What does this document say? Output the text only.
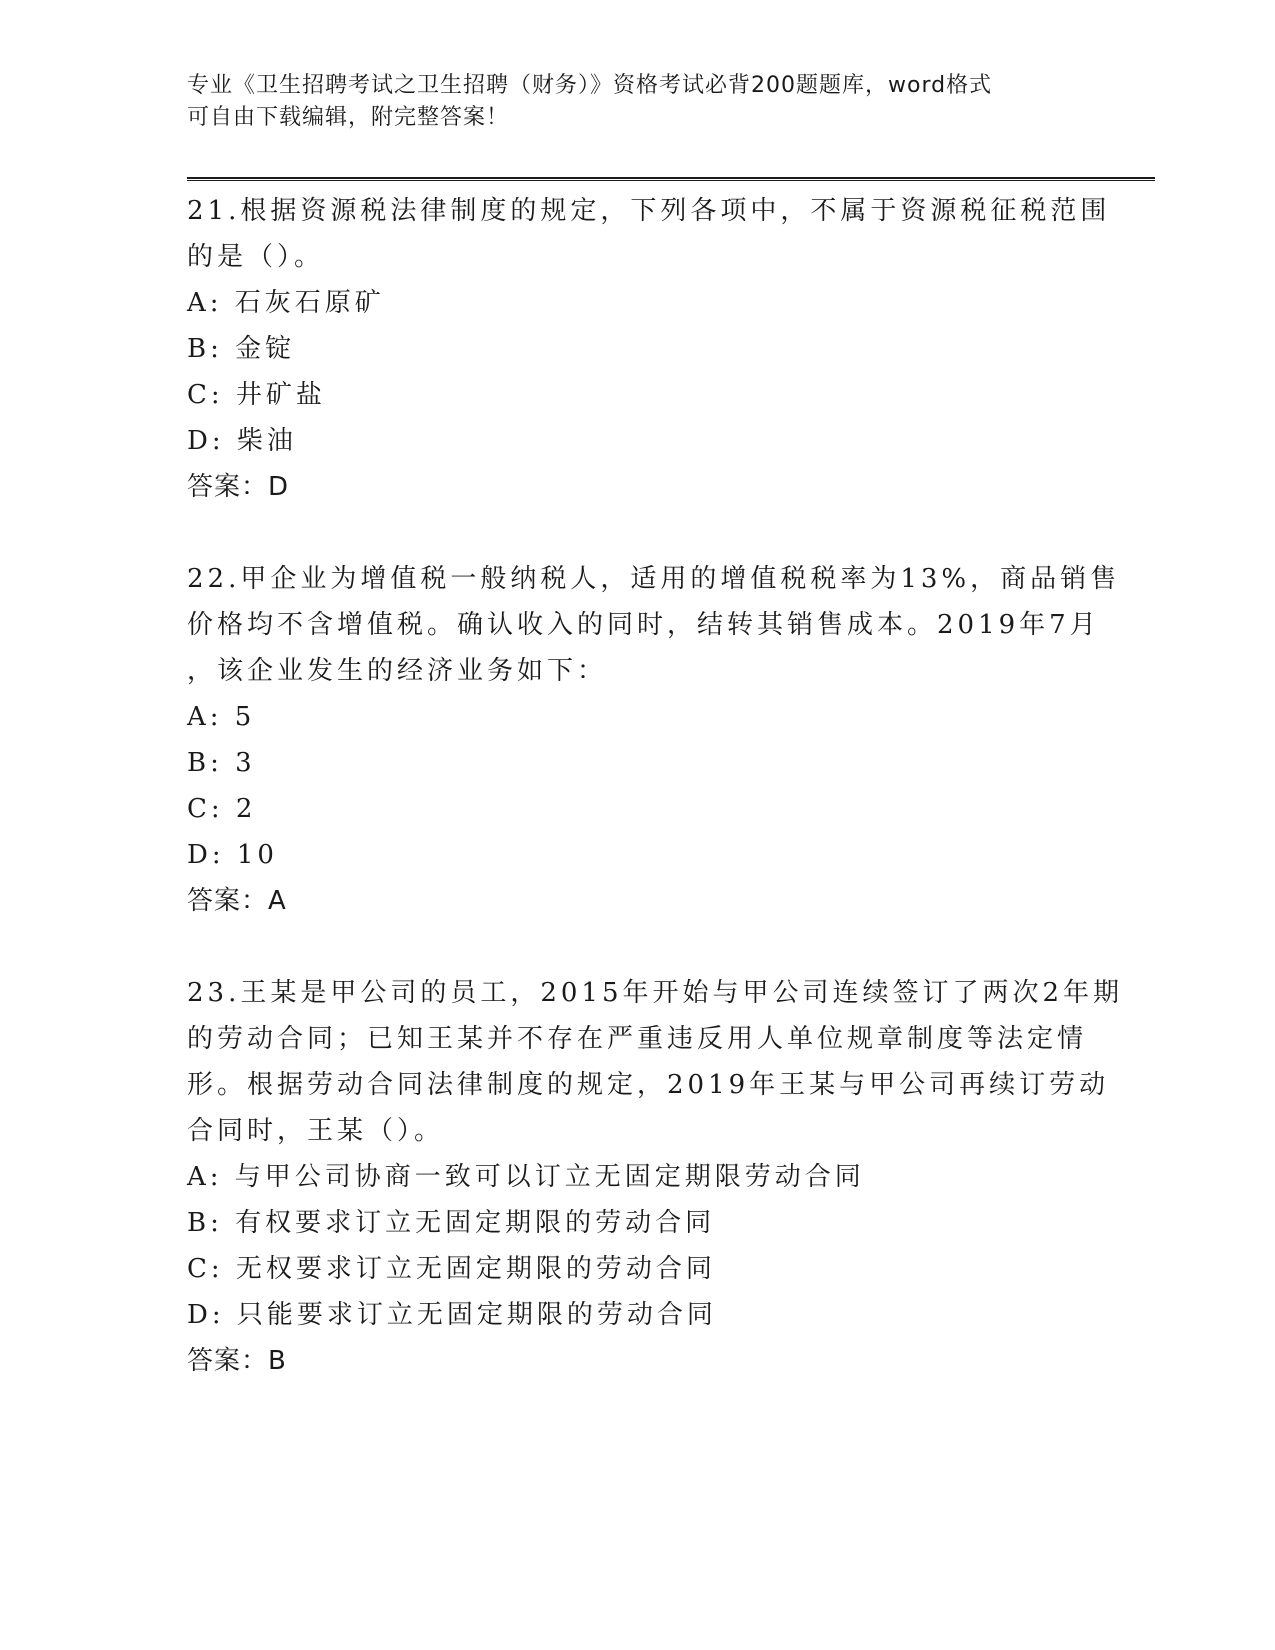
专业《卫生招聘考试之卫生招聘（财务）》资格考试必背200题题库，word格式

可自由下载编辑，附完整答案！

21.根据资源税法律制度的规定，下列各项中，不属于资源税征税范围

的是（）。

A: 石灰石原矿

B: 金锭

C: 井矿盐

D: 柴油

答案：D

22.甲企业为增值税一般纳税人，适用的增值税税率为13%，商品销售

价格均不含增值税。确认收入的同时，结转其销售成本。2019年7月

，该企业发生的经济业务如下：

A: 5

B: 3

C: 2

D: 10

答案：A

23.王某是甲公司的员工，2015年开始与甲公司连续签订了两次2年期

的劳动合同；已知王某并不存在严重违反用人单位规章制度等法定情

形。根据劳动合同法律制度的规定，2019年王某与甲公司再续订劳动

合同时，王某（）。

A: 与甲公司协商一致可以订立无固定期限劳动合同

B: 有权要求订立无固定期限的劳动合同

C: 无权要求订立无固定期限的劳动合同

D: 只能要求订立无固定期限的劳动合同

答案：B
